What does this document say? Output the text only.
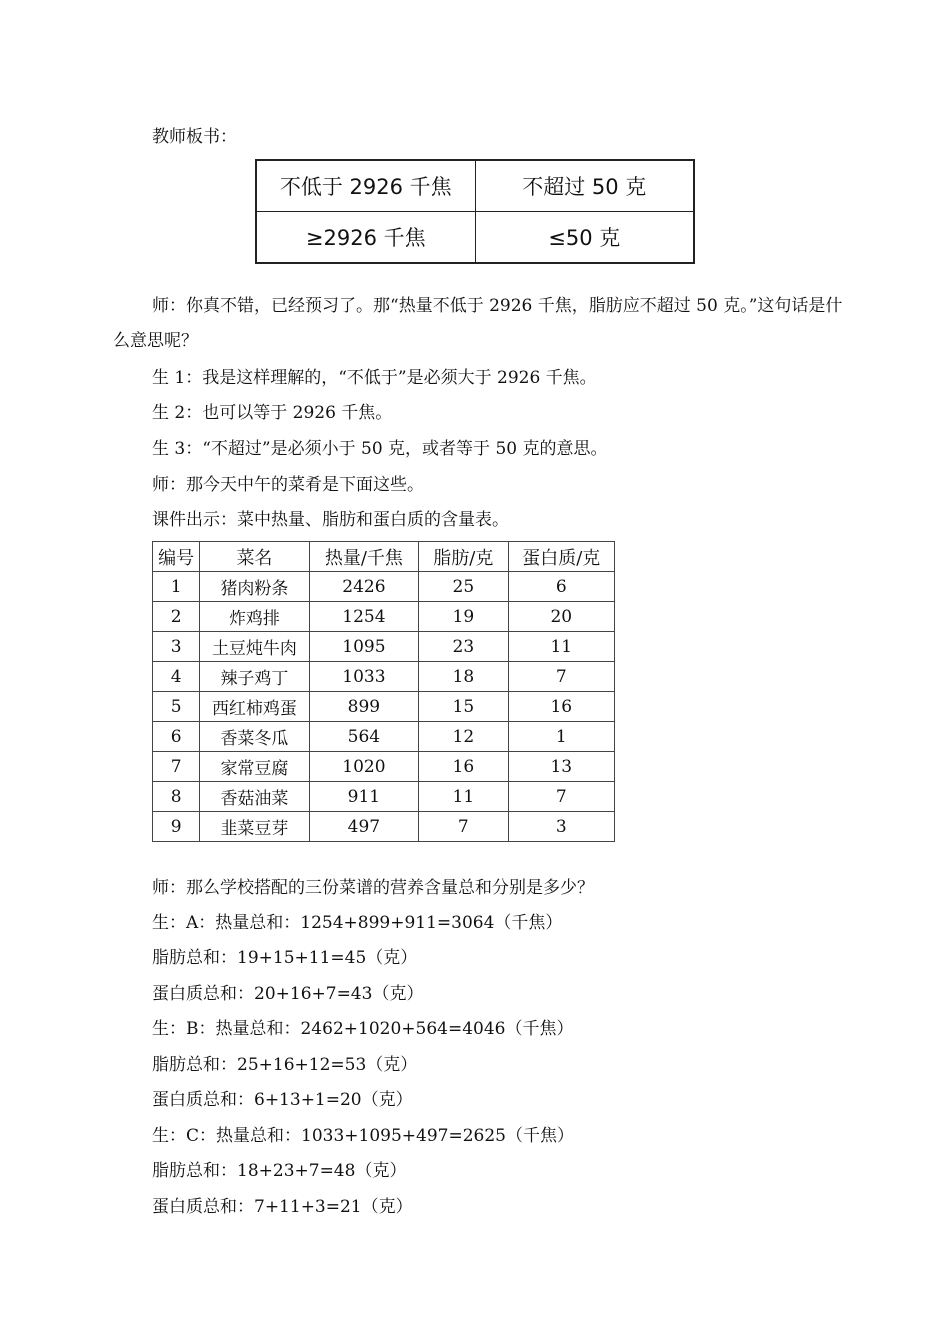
教师板书：
不低于 2926 千焦	不超过 50 克
≥2926 千焦	≤50 克
师：你真不错，已经预习了。那“热量不低于 2926 千焦，脂肪应不超过 50 克。”这句话是什么意思呢？
生 1：我是这样理解的，“不低于”是必须大于 2926 千焦。
生 2：也可以等于 2926 千焦。
生 3：“不超过”是必须小于 50 克，或者等于 50 克的意思。
师：那今天中午的菜肴是下面这些。
课件出示：菜中热量、脂肪和蛋白质的含量表。
编号	菜名	热量/千焦	脂肪/克	蛋白质/克
1	猪肉粉条	2426	25	6
2	炸鸡排	1254	19	20
3	土豆炖牛肉	1095	23	11
4	辣子鸡丁	1033	18	7
5	西红柿鸡蛋	899	15	16
6	香菜冬瓜	564	12	1
7	家常豆腐	1020	16	13
8	香菇油菜	911	11	7
9	韭菜豆芽	497	7	3
师：那么学校搭配的三份菜谱的营养含量总和分别是多少？
生：A：热量总和：1254+899+911=3064（千焦）
脂肪总和：19+15+11=45（克）
蛋白质总和：20+16+7=43（克）
生：B：热量总和：2462+1020+564=4046（千焦）
脂肪总和：25+16+12=53（克）
蛋白质总和：6+13+1=20（克）
生：C：热量总和：1033+1095+497=2625（千焦）
脂肪总和：18+23+7=48（克）
蛋白质总和：7+11+3=21（克）
